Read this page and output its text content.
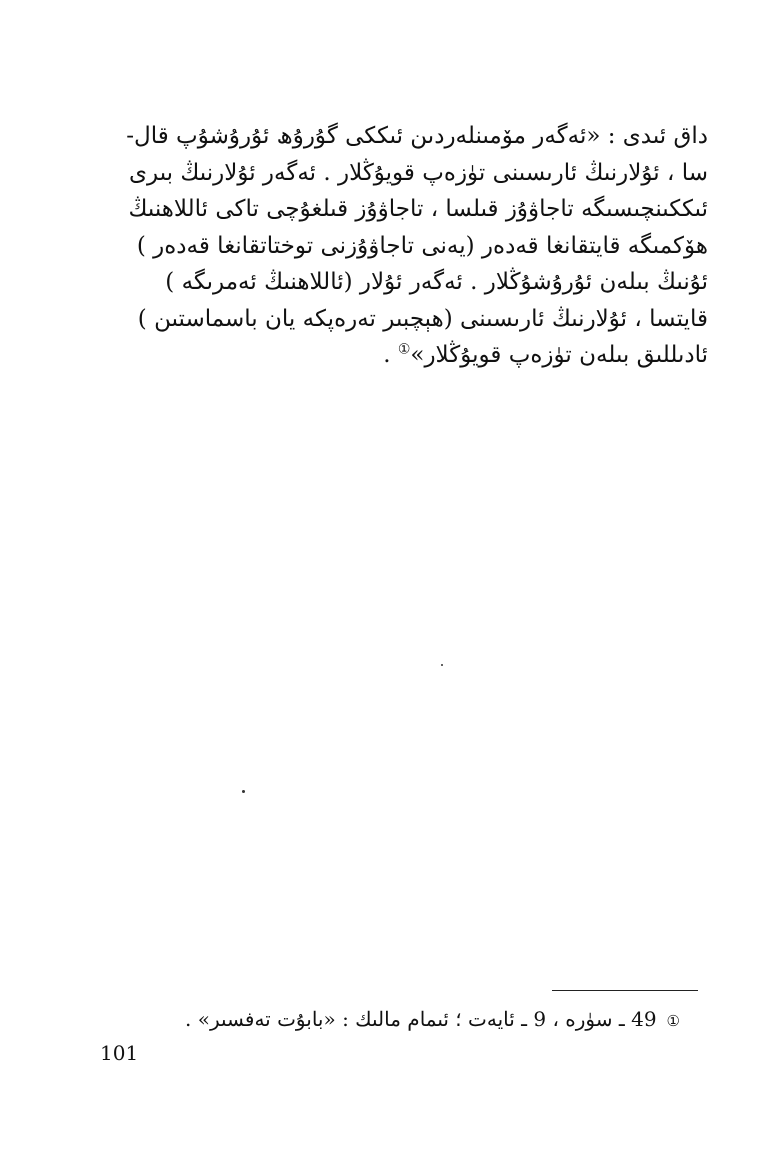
داق ئىدى : «ئەگەر مۆمىنلەردىن ئىككى گۇرۇھ ئۇرۇشۇپ قال-
سا ، ئۇلارنىڭ ئارىسىنى تۈزەپ قويۇڭلار . ئەگەر ئۇلارنىڭ بىرى
ئىككىنچىسىگە تاجاۋۇز قىلسا ، تاجاۋۇز قىلغۇچى تاكى ئاللاھنىڭ
ھۆكمىگە قايتقانغا قەدەر (يەنى تاجاۋۇزنى توختاتقانغا قەدەر )
ئۇنىڭ بىلەن ئۇرۇشۇڭلار . ئەگەر ئۇلار (ئاللاھنىڭ ئەمرىگە )
قايتسا ، ئۇلارنىڭ ئارىسىنى (ھېچبىر تەرەپكە يان باسماستىن )
ئادىللىق بىلەن تۈزەپ قويۇڭلار»① .
①49 ـ سۈرە ، 9 ـ ئايەت ؛ ئىمام مالىك : «بابۇت تەفسىر» .
101
